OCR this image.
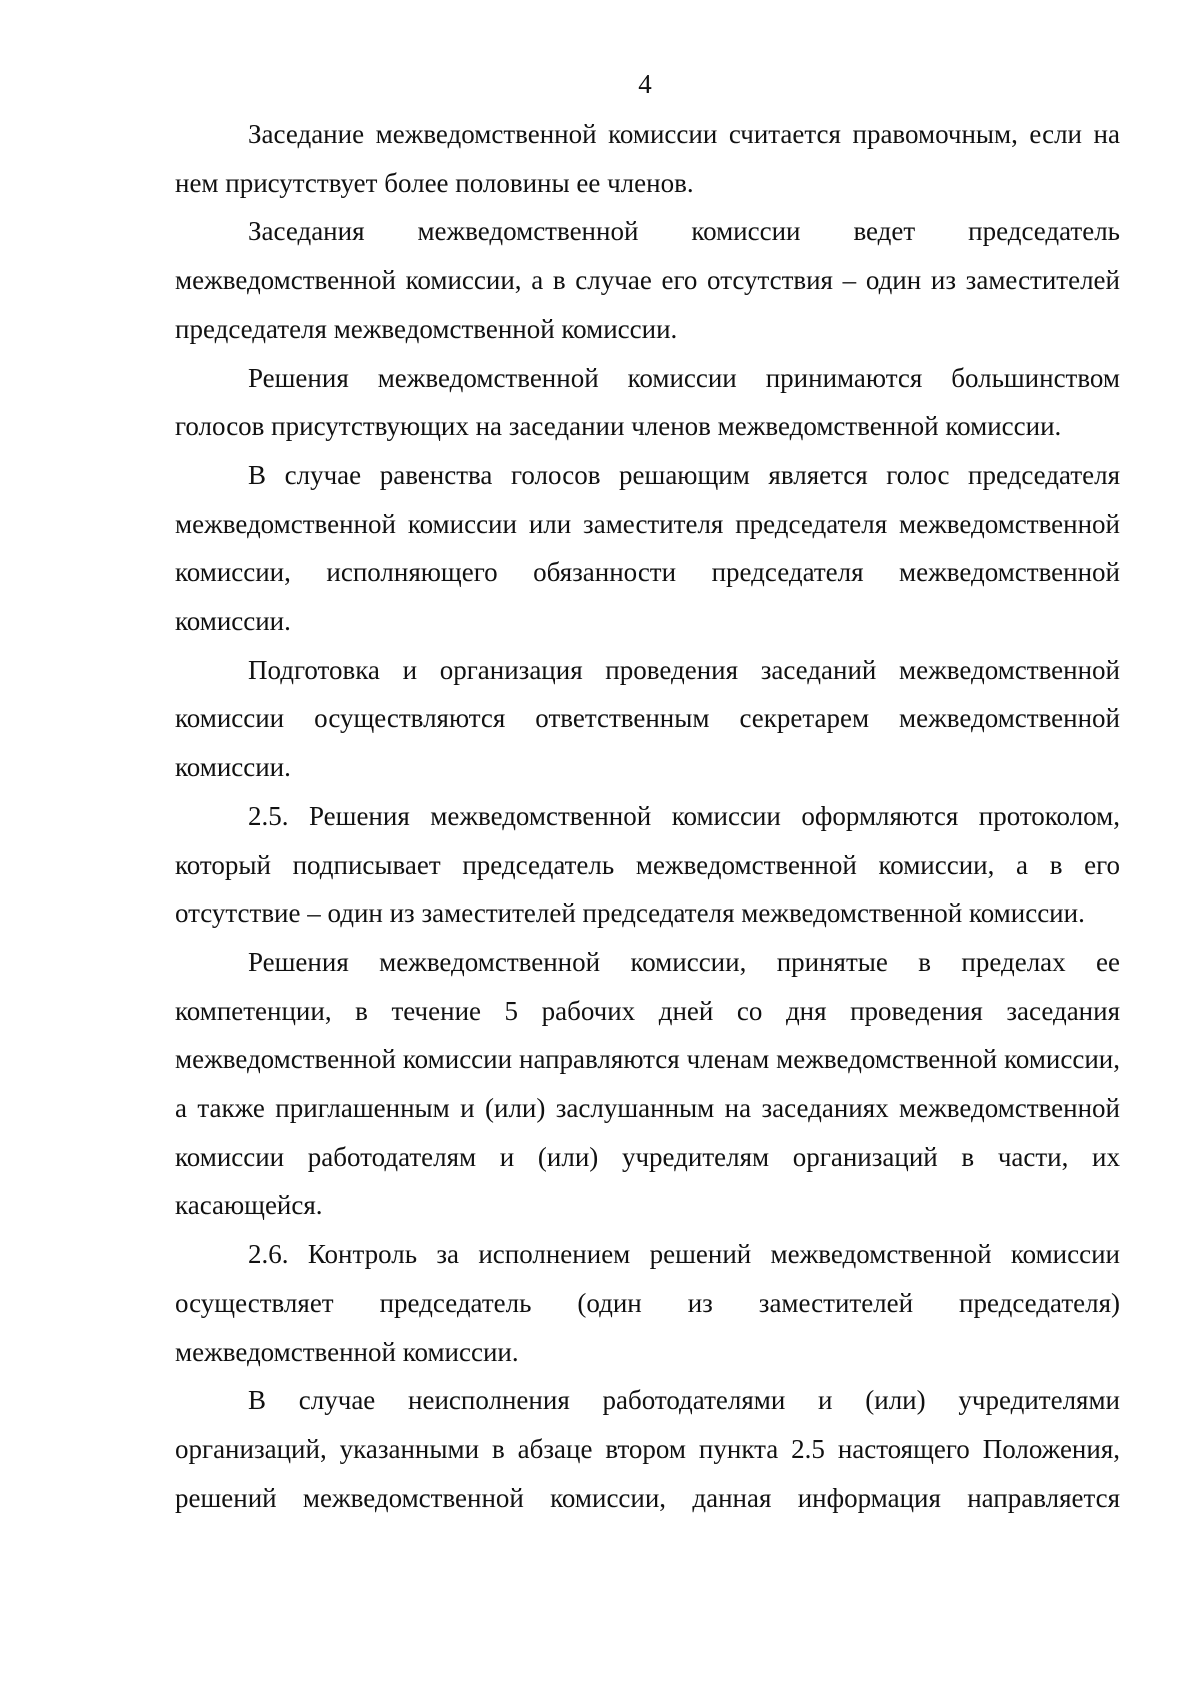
4

Заседание межведомственной комиссии считается правомочным, если на нем присутствует более половины ее членов.

Заседания межведомственной комиссии ведет председатель межведомственной комиссии, а в случае его отсутствия – один из заместителей председателя межведомственной комиссии.

Решения межведомственной комиссии принимаются большинством голосов присутствующих на заседании членов межведомственной комиссии.

В случае равенства голосов решающим является голос председателя межведомственной комиссии или заместителя председателя межведомственной комиссии, исполняющего обязанности председателя межведомственной комиссии.

Подготовка и организация проведения заседаний межведомственной комиссии осуществляются ответственным секретарем межведомственной комиссии.

2.5. Решения межведомственной комиссии оформляются протоколом, который подписывает председатель межведомственной комиссии, а в его отсутствие – один из заместителей председателя межведомственной комиссии.

Решения межведомственной комиссии, принятые в пределах ее компетенции, в течение 5 рабочих дней со дня проведения заседания межведомственной комиссии направляются членам межведомственной комиссии, а также приглашенным и (или) заслушанным на заседаниях межведомственной комиссии работодателям и (или) учредителям организаций в части, их касающейся.

2.6. Контроль за исполнением решений межведомственной комиссии осуществляет председатель (один из заместителей председателя) межведомственной комиссии.

В случае неисполнения работодателями и (или) учредителями организаций, указанными в абзаце втором пункта 2.5 настоящего Положения, решений межведомственной комиссии, данная информация направляется
